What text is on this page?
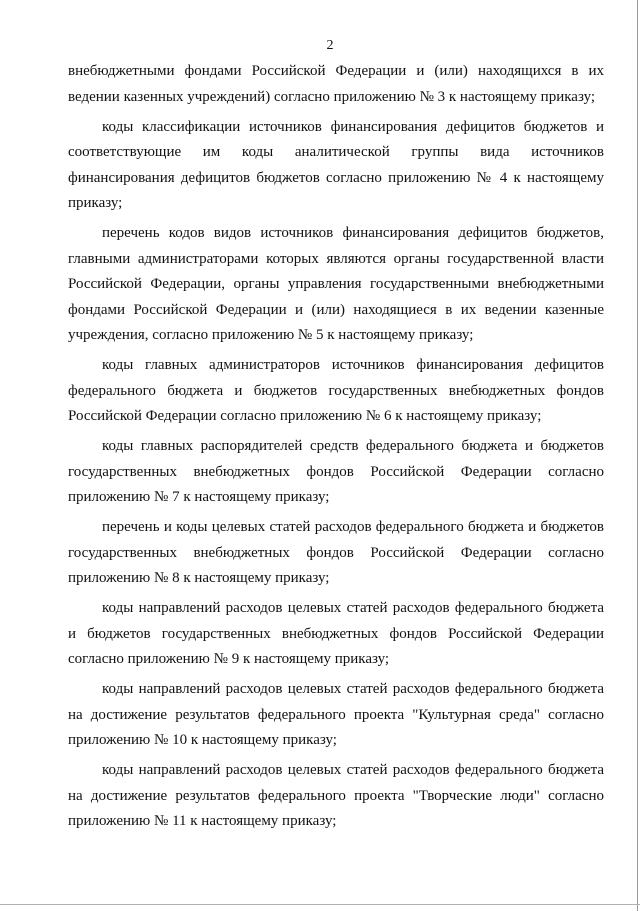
2

внебюджетными фондами Российской Федерации и (или) находящихся в их ведении казенных учреждений) согласно приложению № 3 к настоящему приказу;

коды классификации источников финансирования дефицитов бюджетов и соответствующие им коды аналитической группы вида источников финансирования дефицитов бюджетов согласно приложению № 4 к настоящему приказу;

перечень кодов видов источников финансирования дефицитов бюджетов, главными администраторами которых являются органы государственной власти Российской Федерации, органы управления государственными внебюджетными фондами Российской Федерации и (или) находящиеся в их ведении казенные учреждения, согласно приложению № 5 к настоящему приказу;

коды главных администраторов источников финансирования дефицитов федерального бюджета и бюджетов государственных внебюджетных фондов Российской Федерации согласно приложению № 6 к настоящему приказу;

коды главных распорядителей средств федерального бюджета и бюджетов государственных внебюджетных фондов Российской Федерации согласно приложению № 7 к настоящему приказу;

перечень и коды целевых статей расходов федерального бюджета и бюджетов государственных внебюджетных фондов Российской Федерации согласно приложению № 8 к настоящему приказу;

коды направлений расходов целевых статей расходов федерального бюджета и бюджетов государственных внебюджетных фондов Российской Федерации согласно приложению № 9 к настоящему приказу;

коды направлений расходов целевых статей расходов федерального бюджета на достижение результатов федерального проекта "Культурная среда" согласно приложению № 10 к настоящему приказу;

коды направлений расходов целевых статей расходов федерального бюджета на достижение результатов федерального проекта "Творческие люди" согласно приложению № 11 к настоящему приказу;
